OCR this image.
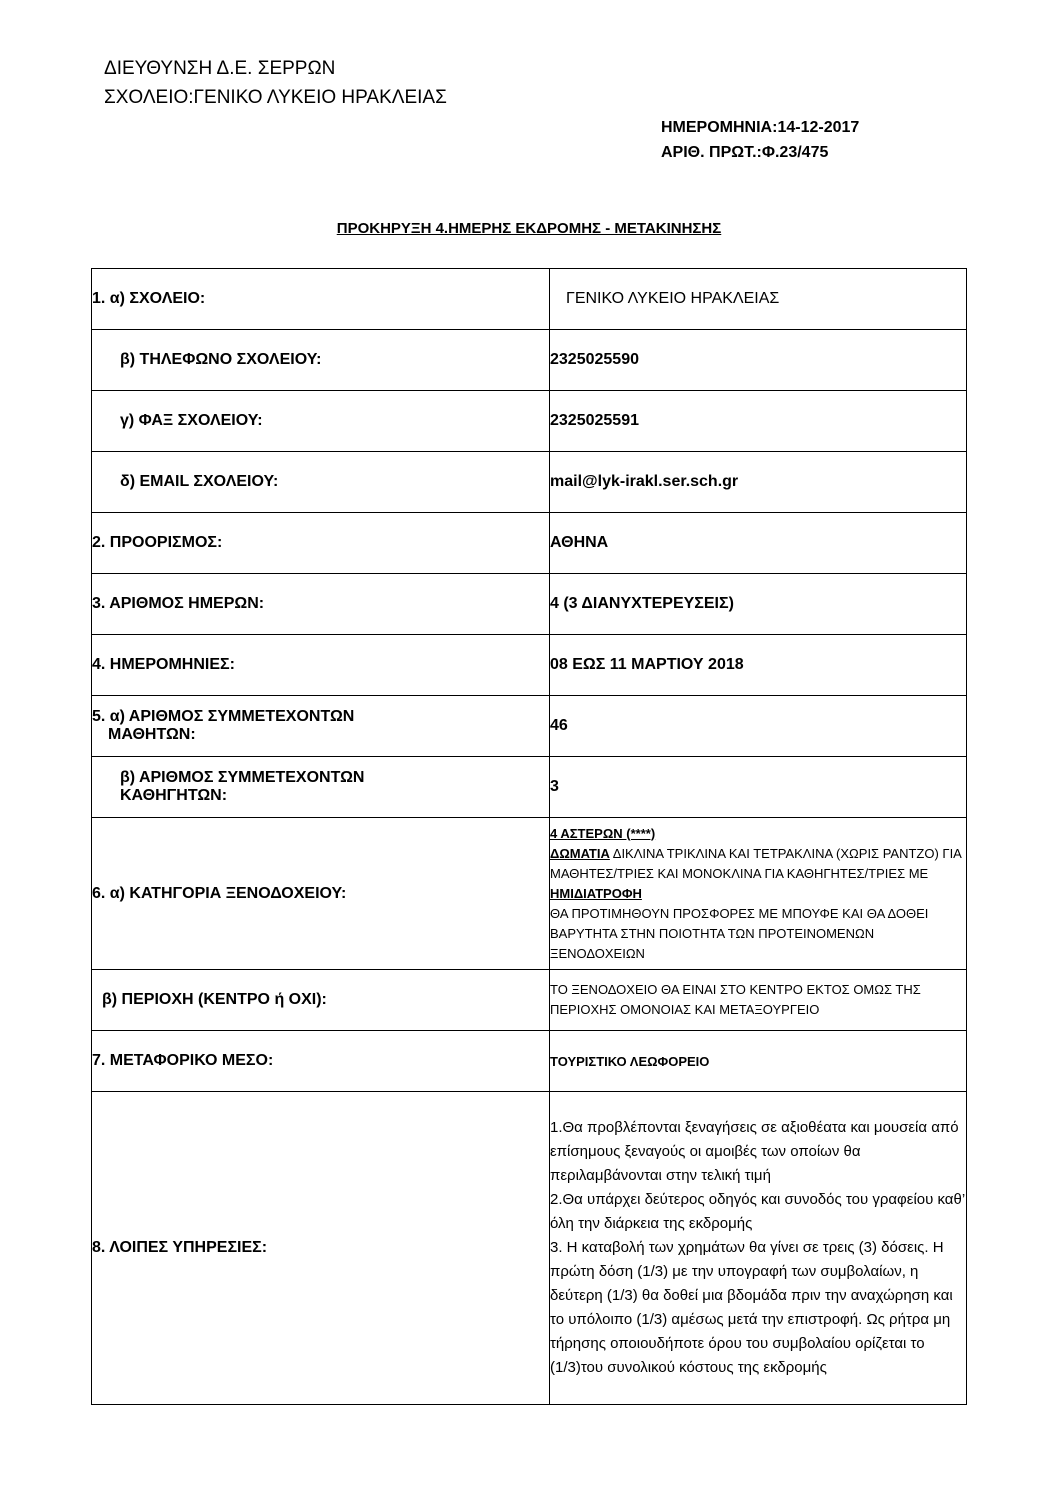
ΔΙΕΥΘΥΝΣΗ Δ.Ε. ΣΕΡΡΩΝ
ΣΧΟΛΕΙΟ:ΓΕΝΙΚΟ ΛΥΚΕΙΟ ΗΡΑΚΛΕΙΑΣ
ΗΜΕΡΟΜΗΝΙΑ:14-12-2017
ΑΡΙΘ. ΠΡΩΤ.:Φ.23/475
ΠΡΟΚΗΡΥΞΗ 4.ΗΜΕΡΗΣ ΕΚΔΡΟΜΗΣ - ΜΕΤΑΚΙΝΗΣΗΣ
1. α) ΣΧΟΛΕΙΟ:	ΓΕΝΙΚΟ ΛΥΚΕΙΟ ΗΡΑΚΛΕΙΑΣ
β) ΤΗΛΕΦΩΝΟ ΣΧΟΛΕΙΟΥ:	2325025590
γ) ΦΑΞ ΣΧΟΛΕΙΟΥ:	2325025591
δ) EMAIL ΣΧΟΛΕΙΟΥ:	mail@lyk-irakl.ser.sch.gr
2. ΠΡΟΟΡΙΣΜΟΣ:	ΑΘΗΝΑ
3. ΑΡΙΘΜΟΣ ΗΜΕΡΩΝ:	4 (3 ΔΙΑΝΥΧΤΕΡΕΥΣΕΙΣ)
4. ΗΜΕΡΟΜΗΝΙΕΣ:	08 ΕΩΣ 11 ΜΑΡΤΙΟΥ 2018

5. α) ΑΡΙΘΜΟΣ ΣΥΜΜΕΤΕΧΟΝΤΩΝ
ΜΑΘΗΤΩΝ:	46

β) ΑΡΙΘΜΟΣ ΣΥΜΜΕΤΕΧΟΝΤΩΝ
ΚΑΘΗΓΗΤΩΝ:	3
6. α) ΚΑΤΗΓΟΡΙΑ ΞΕΝΟΔΟΧΕΙΟΥ:	4 ΑΣΤΕΡΩΝ (****)
ΔΩΜΑΤΙΑ ΔΙΚΛΙΝΑ ΤΡΙΚΛΙΝΑ ΚΑΙ ΤΕΤΡΑΚΛΙΝΑ (ΧΩΡΙΣ ΡΑΝΤΖΟ) ΓΙΑ ΜΑΘΗΤΕΣ/ΤΡΙΕΣ ΚΑΙ ΜΟΝΟΚΛΙΝΑ ΓΙΑ ΚΑΘΗΓΗΤΕΣ/ΤΡΙΕΣ ΜΕ ΗΜΙΔΙΑΤΡΟΦΗ
ΘΑ ΠΡΟΤΙΜΗΘΟΥΝ ΠΡΟΣΦΟΡΕΣ ΜΕ ΜΠΟΥΦΕ ΚΑΙ ΘΑ ΔΟΘΕΙ ΒΑΡΥΤΗΤΑ ΣΤΗΝ ΠΟΙΟΤΗΤΑ ΤΩΝ ΠΡΟΤΕΙΝΟΜΕΝΩΝ ΞΕΝΟΔΟΧΕΙΩΝ

β) ΠΕΡΙΟΧΗ (ΚΕΝΤΡΟ ή ΟΧΙ):	ΤΟ ΞΕΝΟΔΟΧΕΙΟ ΘΑ ΕΙΝΑΙ ΣΤΟ ΚΕΝΤΡΟ ΕΚΤΟΣ ΟΜΩΣ ΤΗΣ ΠΕΡΙΟΧΗΣ ΟΜΟΝΟΙΑΣ ΚΑΙ ΜΕΤΑΞΟΥΡΓΕΙΟ
7. ΜΕΤΑΦΟΡΙΚΟ ΜΕΣΟ:	ΤΟΥΡΙΣΤΙΚΟ ΛΕΩΦΟΡΕΙΟ
8. ΛΟΙΠΕΣ ΥΠΗΡΕΣΙΕΣ:	1.Θα προβλέπονται ξεναγήσεις σε αξιοθέατα και μουσεία από επίσημους ξεναγούς οι αμοιβές των οποίων θα περιλαμβάνονται στην τελική τιμή
2.Θα υπάρχει δεύτερος οδηγός και συνοδός του γραφείου καθ’ όλη την διάρκεια της εκδρομής
3. Η καταβολή των χρημάτων θα γίνει σε τρεις (3) δόσεις. Η πρώτη δόση (1/3) με την υπογραφή των συμβολαίων, η δεύτερη (1/3) θα δοθεί μια βδομάδα πριν την αναχώρηση και το υπόλοιπο (1/3) αμέσως μετά την επιστροφή. Ως ρήτρα μη τήρησης οποιουδήποτε όρου του συμβολαίου ορίζεται το (1/3)του συνολικού κόστους της εκδρομής
